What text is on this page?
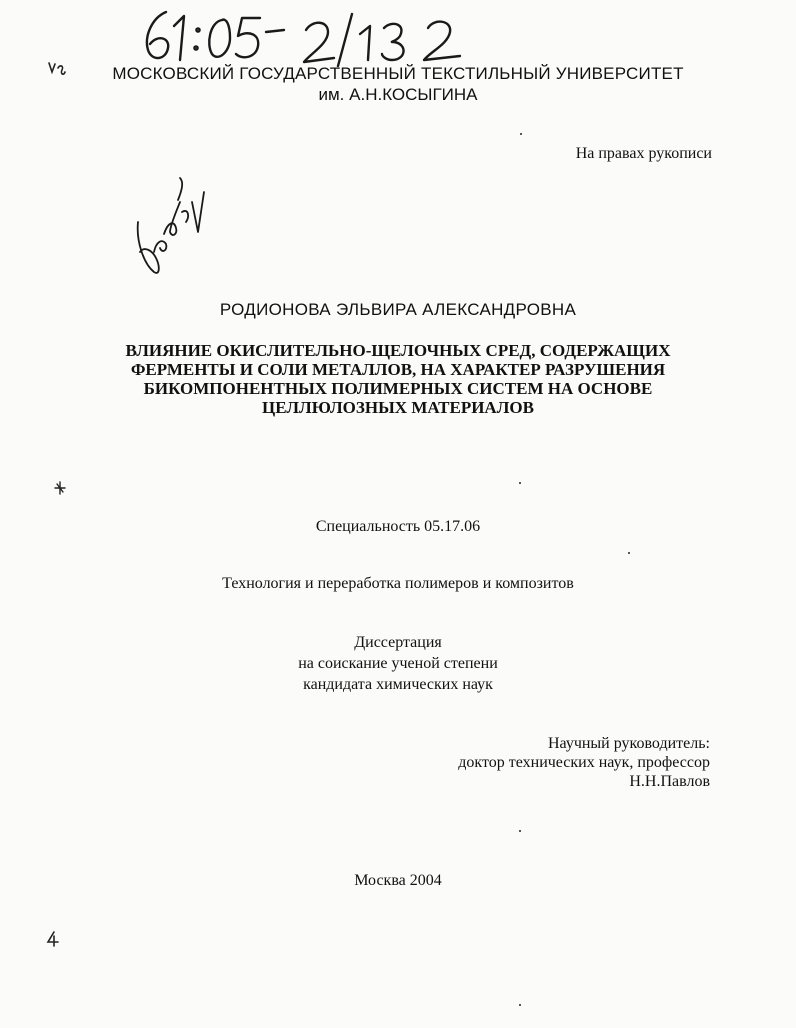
МОСКОВСКИЙ ГОСУДАРСТВЕННЫЙ ТЕКСТИЛЬНЫЙ УНИВЕРСИТЕТ
им. А.Н.КОСЫГИНА
На правах рукописи
РОДИОНОВА ЭЛЬВИРА АЛЕКСАНДРОВНА
ВЛИЯНИЕ ОКИСЛИТЕЛЬНО-ЩЕЛОЧНЫХ СРЕД, СОДЕРЖАЩИХ
ФЕРМЕНТЫ И СОЛИ МЕТАЛЛОВ, НА ХАРАКТЕР РАЗРУШЕНИЯ
БИКОМПОНЕНТНЫХ ПОЛИМЕРНЫХ СИСТЕМ НА ОСНОВЕ
ЦЕЛЛЮЛОЗНЫХ МАТЕРИАЛОВ
Специальность 05.17.06
Технология и переработка полимеров и композитов
Диссертация
на соискание ученой степени
кандидата химических наук
Научный руководитель:
доктор технических наук, профессор
Н.Н.Павлов
Москва 2004
